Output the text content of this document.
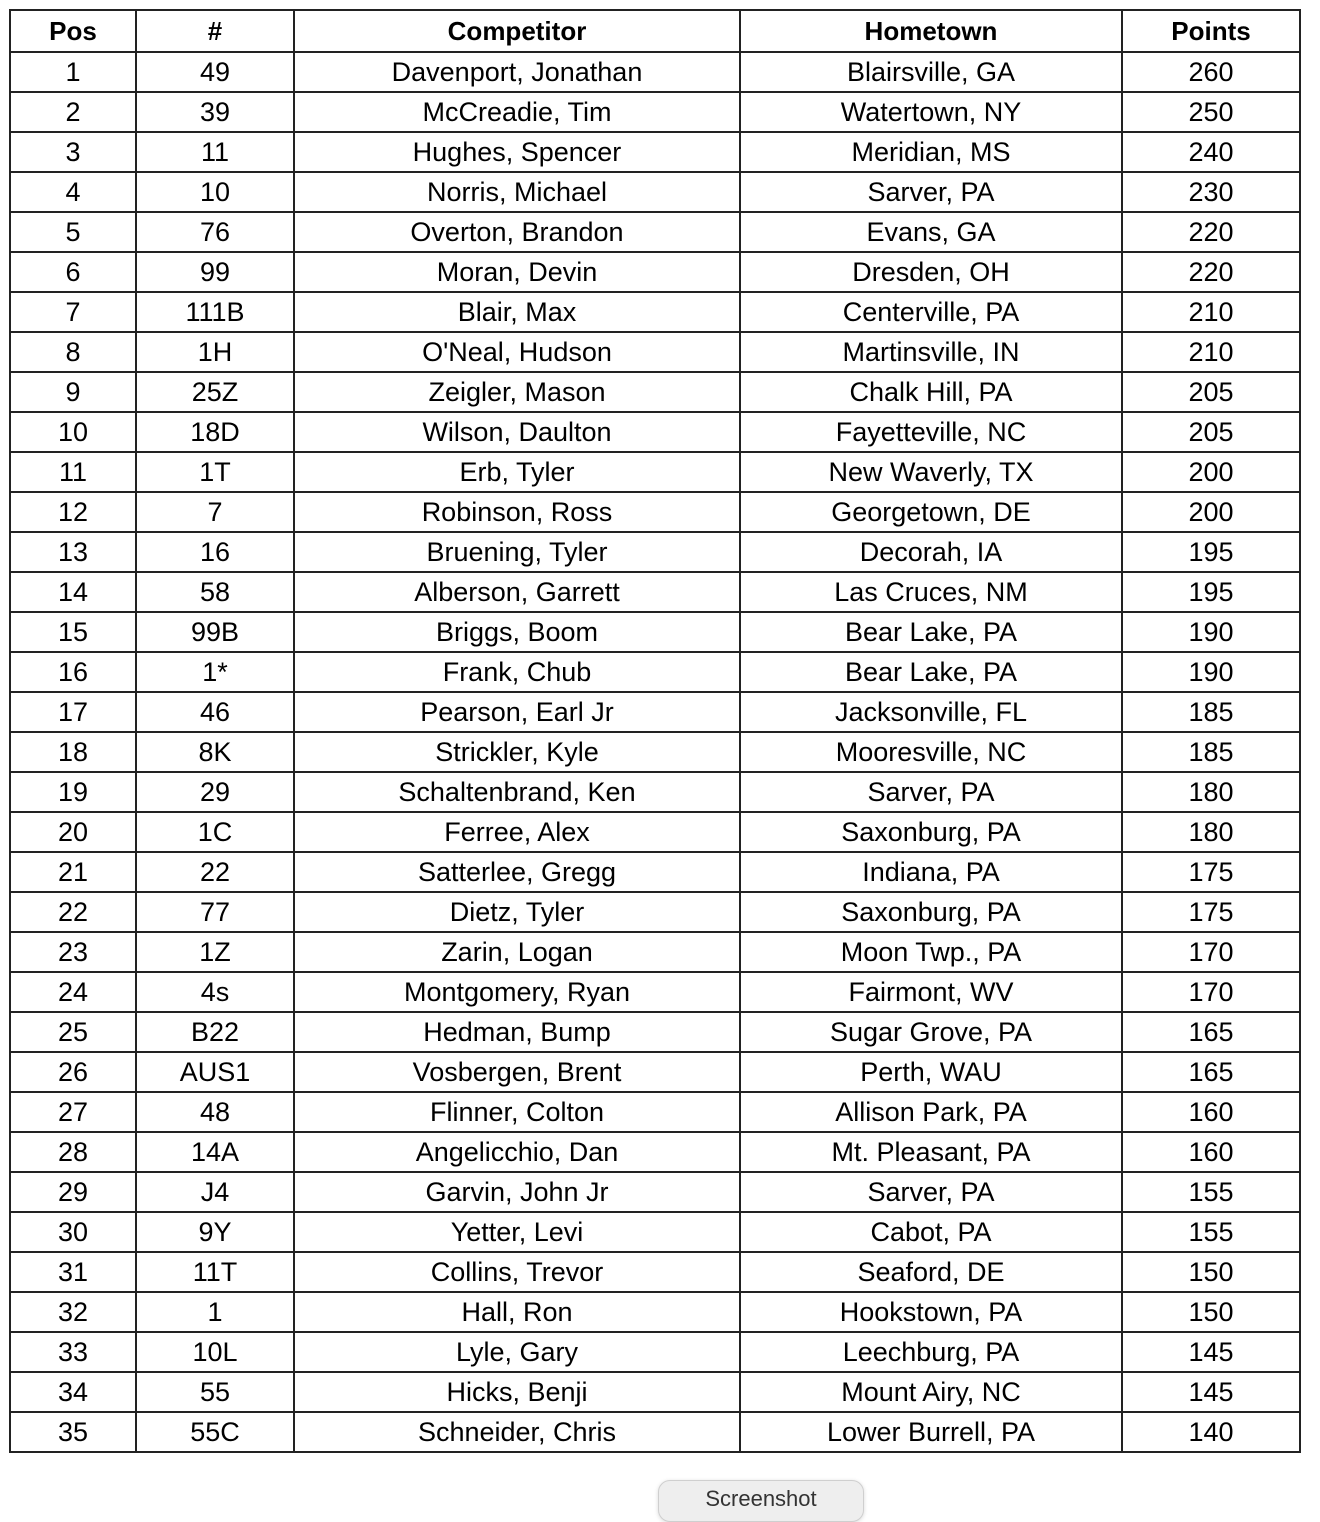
Pos	#	Competitor	Hometown	Points
1	49	Davenport, Jonathan	Blairsville, GA	260
2	39	McCreadie, Tim	Watertown, NY	250
3	11	Hughes, Spencer	Meridian, MS	240
4	10	Norris, Michael	Sarver, PA	230
5	76	Overton, Brandon	Evans, GA	220
6	99	Moran, Devin	Dresden, OH	220
7	111B	Blair, Max	Centerville, PA	210
8	1H	O'Neal, Hudson	Martinsville, IN	210
9	25Z	Zeigler, Mason	Chalk Hill, PA	205
10	18D	Wilson, Daulton	Fayetteville, NC	205
11	1T	Erb, Tyler	New Waverly, TX	200
12	7	Robinson, Ross	Georgetown, DE	200
13	16	Bruening, Tyler	Decorah, IA	195
14	58	Alberson, Garrett	Las Cruces, NM	195
15	99B	Briggs, Boom	Bear Lake, PA	190
16	1*	Frank, Chub	Bear Lake, PA	190
17	46	Pearson, Earl Jr	Jacksonville, FL	185
18	8K	Strickler, Kyle	Mooresville, NC	185
19	29	Schaltenbrand, Ken	Sarver, PA	180
20	1C	Ferree, Alex	Saxonburg, PA	180
21	22	Satterlee, Gregg	Indiana, PA	175
22	77	Dietz, Tyler	Saxonburg, PA	175
23	1Z	Zarin, Logan	Moon Twp., PA	170
24	4s	Montgomery, Ryan	Fairmont, WV	170
25	B22	Hedman, Bump	Sugar Grove, PA	165
26	AUS1	Vosbergen, Brent	Perth, WAU	165
27	48	Flinner, Colton	Allison Park, PA	160
28	14A	Angelicchio, Dan	Mt. Pleasant, PA	160
29	J4	Garvin, John Jr	Sarver, PA	155
30	9Y	Yetter, Levi	Cabot, PA	155
31	11T	Collins, Trevor	Seaford, DE	150
32	1	Hall, Ron	Hookstown, PA	150
33	10L	Lyle, Gary	Leechburg, PA	145
34	55	Hicks, Benji	Mount Airy, NC	145
35	55C	Schneider, Chris	Lower Burrell, PA	140
Screenshot
